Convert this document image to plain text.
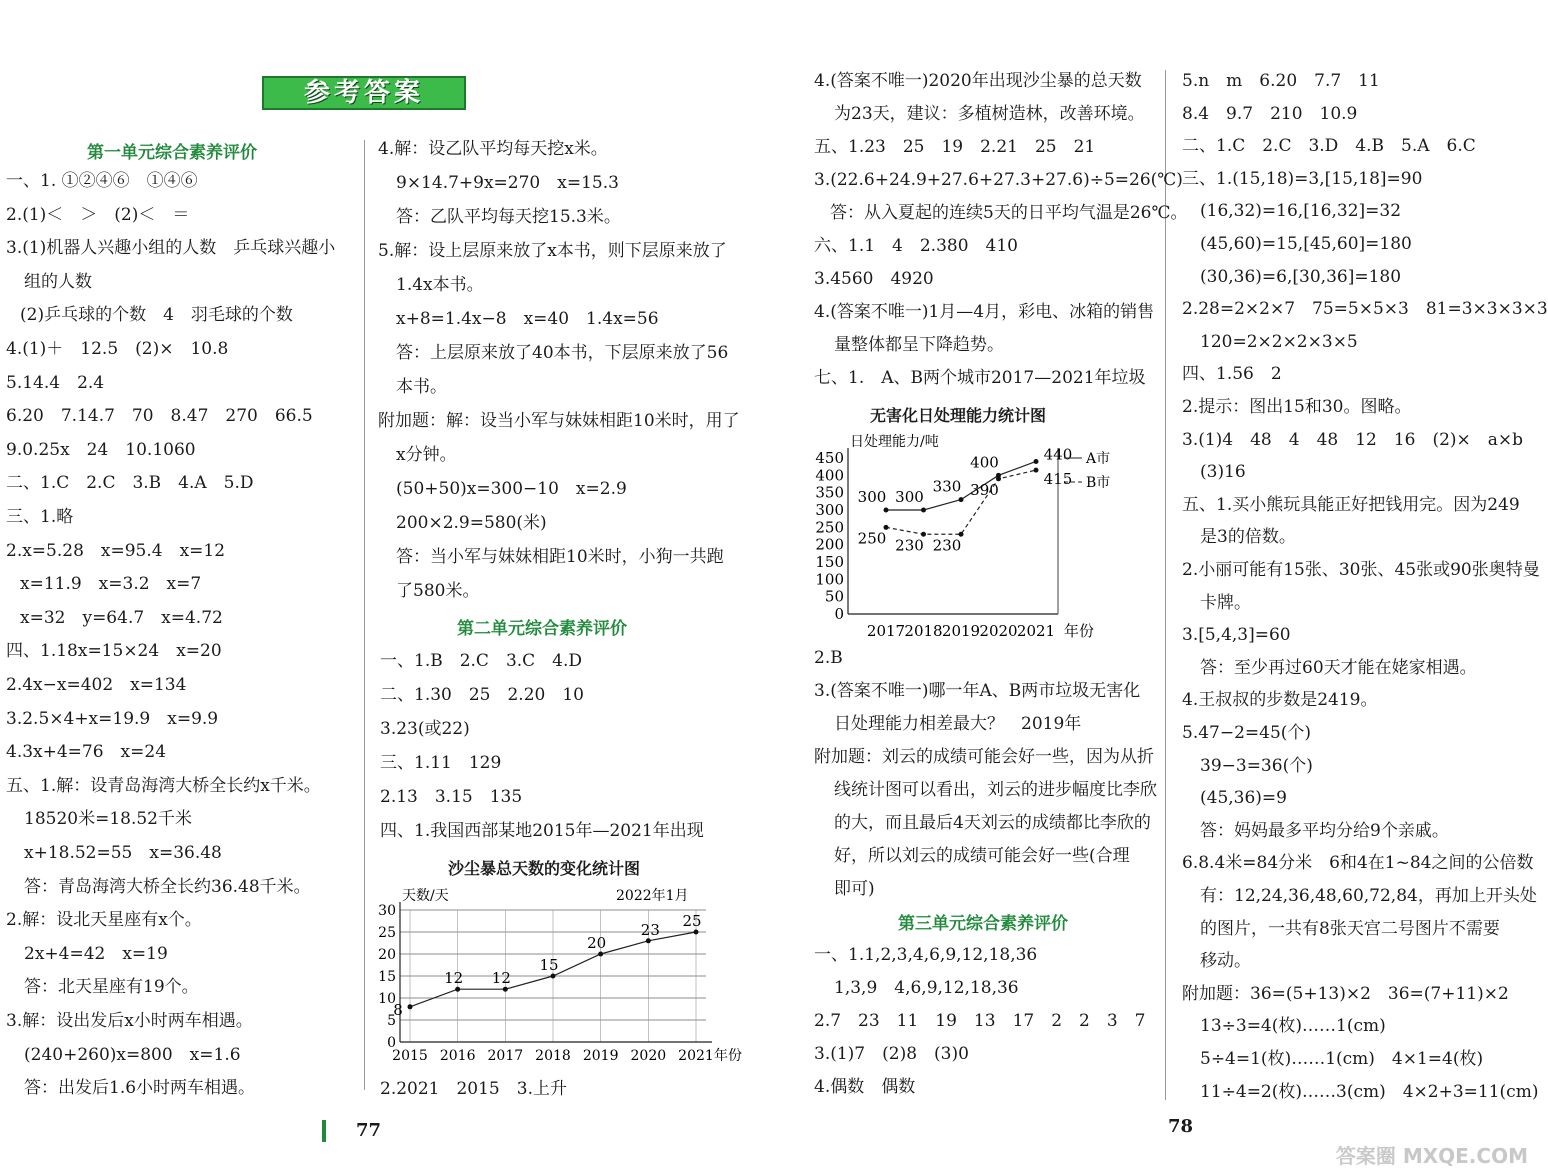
参考答案
第一单元综合素养评价
第二单元综合素养评价
第三单元综合素养评价
一、1. ①②④⑥　①④⑥
2.(1)＜　＞　(2)＜　＝
3.(1)机器人兴趣小组的人数　乒乓球兴趣小
组的人数
(2)乒乓球的个数　4　羽毛球的个数
4.(1)＋　12.5　(2)×　10.8
5.14.4　2.4
6.20　7.14.7　70　8.47　270　66.5
9.0.25x　24　10.1060
二、1.C　2.C　3.B　4.A　5.D
三、1.略
2.x=5.28　x=95.4　x=12
x=11.9　x=3.2　x=7
x=32　y=64.7　x=4.72
四、1.18x=15×24　x=20
2.4x−x=402　x=134
3.2.5×4+x=19.9　x=9.9
4.3x+4=76　x=24
五、1.解：设青岛海湾大桥全长约x千米。
18520米=18.52千米
x+18.52=55　x=36.48
答：青岛海湾大桥全长约36.48千米。
2.解：设北天星座有x个。
2x+4=42　x=19
答：北天星座有19个。
3.解：设出发后x小时两车相遇。
(240+260)x=800　x=1.6
答：出发后1.6小时两车相遇。
4.解：设乙队平均每天挖x米。
9×14.7+9x=270　x=15.3
答：乙队平均每天挖15.3米。
5.解：设上层原来放了x本书，则下层原来放了
1.4x本书。
x+8=1.4x−8　x=40　1.4x=56
答：上层原来放了40本书，下层原来放了56
本书。
附加题：解：设当小军与妹妹相距10米时，用了
x分钟。
(50+50)x=300−10　x=2.9
200×2.9=580(米)
答：当小军与妹妹相距10米时，小狗一共跑
了580米。
一、1.B　2.C　3.C　4.D
二、1.30　25　2.20　10
3.23(或22)
三、1.11　129
2.13　3.15　135
四、1.我国西部某地2015年—2021年出现
2.2021　2015　3.上升
4.(答案不唯一)2020年出现沙尘暴的总天数
为23天，建议：多植树造林，改善环境。
五、1.23　25　19　2.21　25　21
3.(22.6+24.9+27.6+27.3+27.6)÷5=26(℃)
答：从入夏起的连续5天的日平均气温是26℃。
六、1.1　4　2.380　410
3.4560　4920
4.(答案不唯一)1月—4月，彩电、冰箱的销售
量整体都呈下降趋势。
七、1.　A、B两个城市2017—2021年垃圾
2.B
3.(答案不唯一)哪一年A、B两市垃圾无害化
日处理能力相差最大？　2019年
附加题：刘云的成绩可能会好一些，因为从折
线统计图可以看出，刘云的进步幅度比李欣
的大，而且最后4天刘云的成绩都比李欣的
好，所以刘云的成绩可能会好一些(合理
即可)
一、1.1,2,3,4,6,9,12,18,36
1,3,9　4,6,9,12,18,36
2.7　23　11　19　13　17　2　2　3　7
3.(1)7　(2)8　(3)0
4.偶数　偶数
5.n　m　6.20　7.7　11
8.4　9.7　210　10.9
二、1.C　2.C　3.D　4.B　5.A　6.C
三、1.(15,18)=3,[15,18]=90
(16,32)=16,[16,32]=32
(45,60)=15,[45,60]=180
(30,36)=6,[30,36]=180
2.28=2×2×7　75=5×5×3　81=3×3×3×3
120=2×2×2×3×5
四、1.56　2
2.提示：图出15和30。图略。
3.(1)4　48　4　48　12　16　(2)×　a×b
(3)16
五、1.买小熊玩具能正好把钱用完。因为249
是3的倍数。
2.小丽可能有15张、30张、45张或90张奥特曼
卡牌。
3.[5,4,3]=60
答：至少再过60天才能在姥家相遇。
4.王叔叔的步数是2419。
5.47−2=45(个)
39−3=36(个)
(45,36)=9
答：妈妈最多平均分给9个亲戚。
6.8.4米=84分米　6和4在1~84之间的公倍数
有：12,24,36,48,60,72,84，再加上开头处
的图片，一共有8张天宫二号图片不需要
移动。
附加题：36=(5+13)×2　36=(7+11)×2
13÷3=4(枚)……1(cm)
5÷4=1(枚)……1(cm)　4×1=4(枚)
11÷4=2(枚)……3(cm)　4×2+3=11(cm)
沙尘暴总天数的变化统计图
无害化日处理能力统计图
0
5
10
15
20
25
30
2015 2016 2017 2018 2019 2020 2021 年份
天数/天	2022年1月
8
12 12
15
20
23 25
0
50
100
150
200
250
300
350
400
450
2017 2018 2019 2020 2021 年份
日处理能力/吨
300 300
330
400	440 A市
250 230 230
390
415 B市
77	78
答案圈 MXQE.COM
